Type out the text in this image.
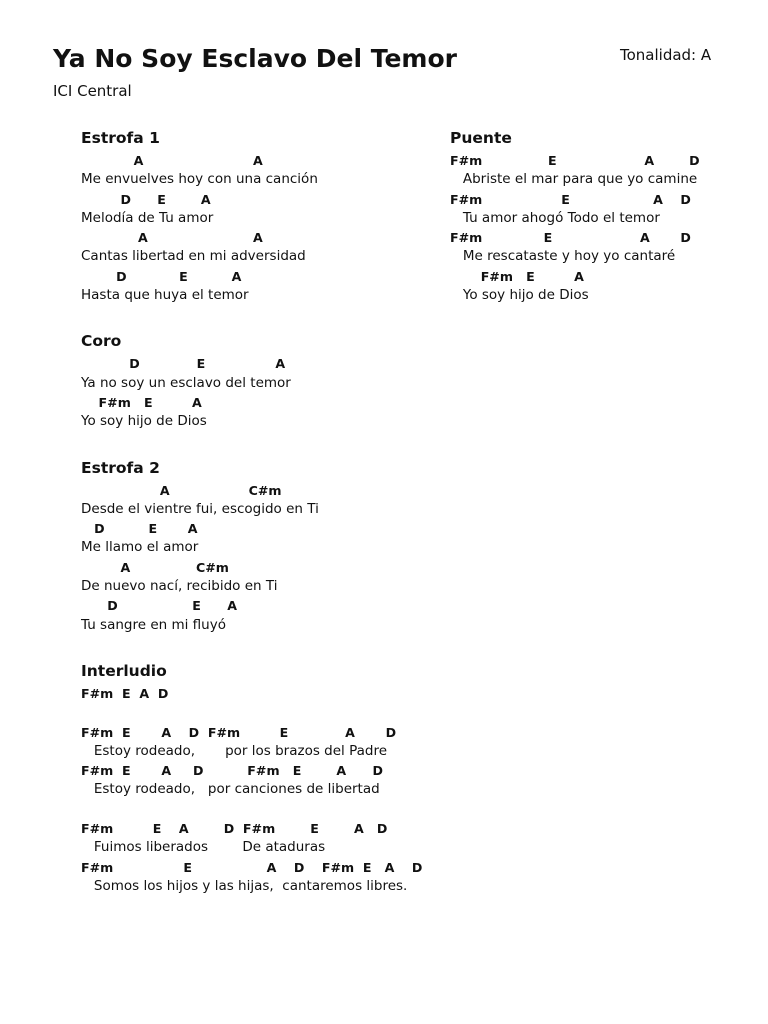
Ya No Soy Esclavo Del Temor
ICI Central
Tonalidad: A
Estrofa 1
A                         A
Me envuelves hoy con una canción
D      E        A
Melodía de Tu amor
A                        A
Cantas libertad en mi adversidad
D            E          A
Hasta que huya el temor
Coro
D             E                A
Ya no soy un esclavo del temor
F#m   E         A
Yo soy hijo de Dios
Estrofa 2
A                  C#m
Desde el vientre fui, escogido en Ti
D          E       A
Me llamo el amor
A               C#m
De nuevo nací, recibido en Ti
D                 E      A
Tu sangre en mi fluyó
Interludio
F#m  E  A  D
F#m  E       A    D  F#m         E             A       D
Estoy rodeado,       por los brazos del Padre
F#m  E       A     D          F#m   E        A      D
Estoy rodeado,   por canciones de libertad
F#m         E    A        D  F#m        E        A   D
Fuimos liberados        De ataduras
F#m                E                 A    D    F#m  E   A    D
Somos los hijos y las hijas,  cantaremos libres.
Puente
F#m               E                    A        D
Abriste el mar para que yo camine
F#m                  E                   A    D
Tu amor ahogó Todo el temor
F#m              E                    A       D
Me rescataste y hoy yo cantaré
F#m   E         A
Yo soy hijo de Dios
